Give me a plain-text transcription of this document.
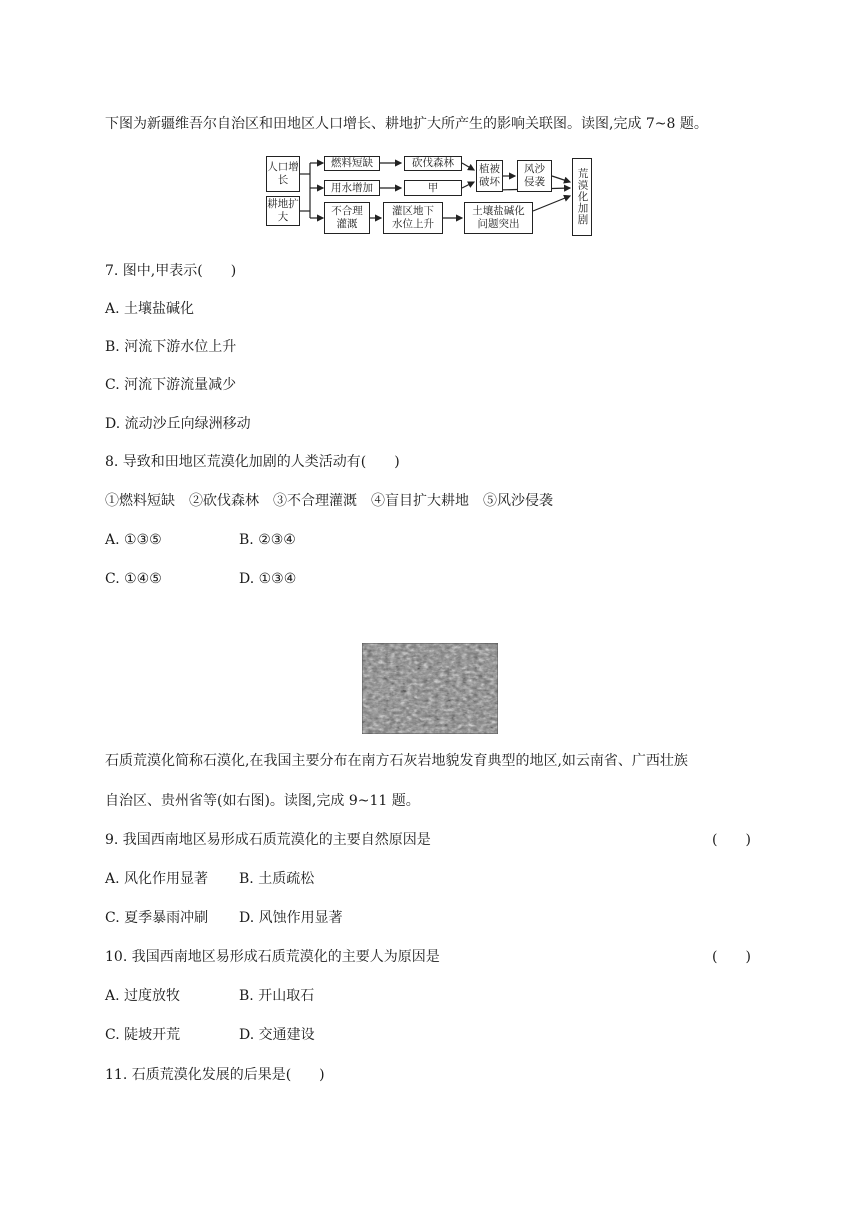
下图为新疆维吾尔自治区和田地区人口增长、耕地扩大所产生的影响关联图。读图,完成 7~8 题。
人口增长
耕地扩大
燃料短缺	砍伐森林
用水增加	甲
不合理灌溉
灌区地下水位上升
土壤盐碱化问题突出
植被破坏
风沙侵袭	荒漠化加剧
7. 图中,甲表示(　　)
A. 土壤盐碱化
B. 河流下游水位上升
C. 河流下游流量减少
D. 流动沙丘向绿洲移动
8. 导致和田地区荒漠化加剧的人类活动有(　　)
①燃料短缺　②砍伐森林　③不合理灌溉　④盲目扩大耕地　⑤风沙侵袭
A. ①③⑤	B. ②③④
C. ①④⑤	D. ①③④
石质荒漠化简称石漠化,在我国主要分布在南方石灰岩地貌发育典型的地区,如云南省、广西壮族
自治区、贵州省等(如右图)。读图,完成 9~11 题。
9. 我国西南地区易形成石质荒漠化的主要自然原因是	(　　)
A. 风化作用显著 B. 土质疏松
C. 夏季暴雨冲刷 D. 风蚀作用显著
10. 我国西南地区易形成石质荒漠化的主要人为原因是	(　　)
A. 过度放牧	B. 开山取石
C. 陡坡开荒	D. 交通建设
11. 石质荒漠化发展的后果是(　　)
